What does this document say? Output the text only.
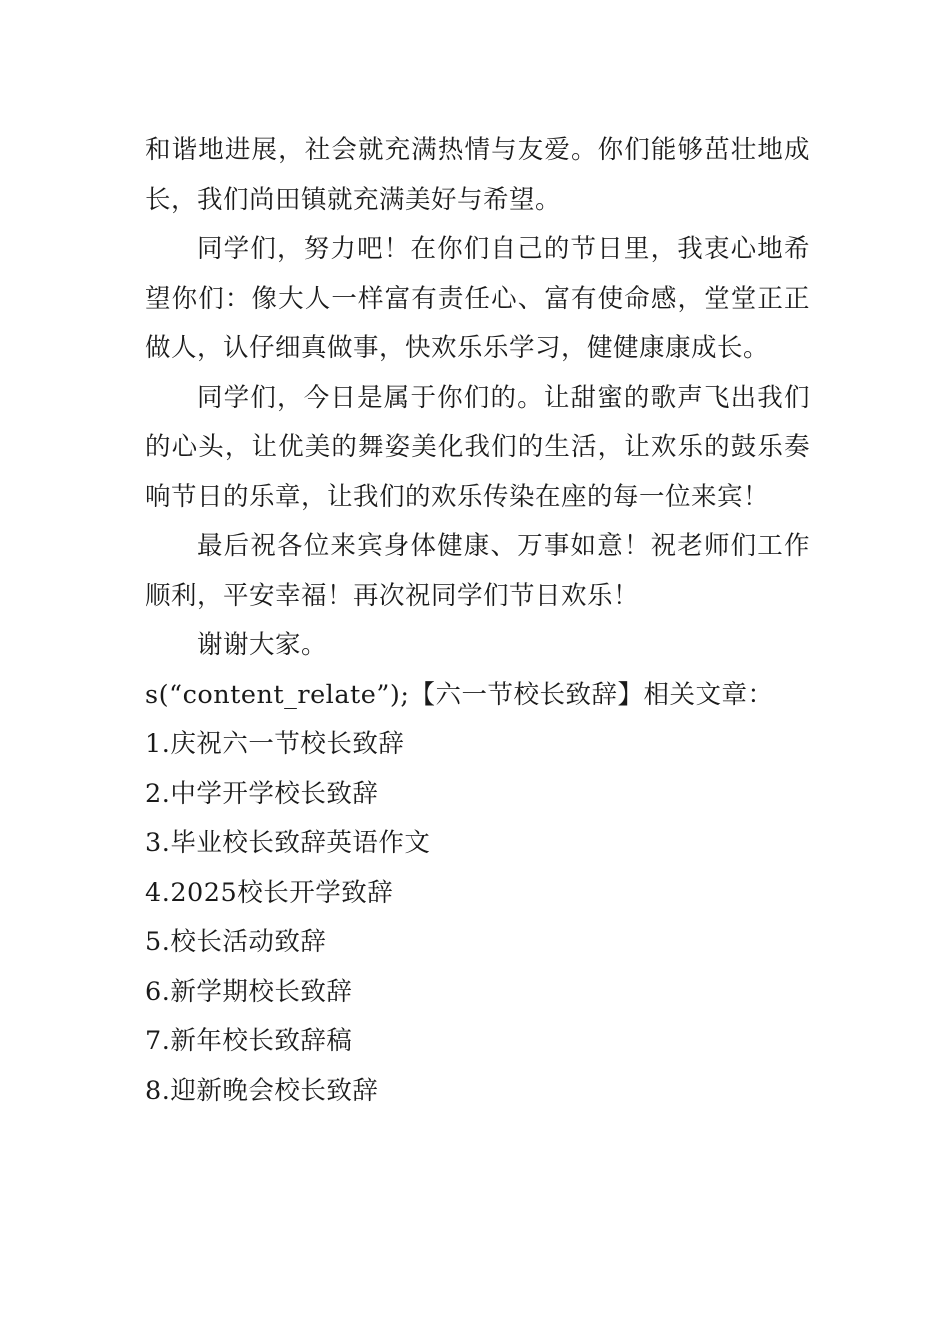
和谐地进展，社会就充满热情与友爱。你们能够茁壮地成长，我们尚田镇就充满美好与希望。

同学们，努力吧！在你们自己的节日里，我衷心地希望你们：像大人一样富有责任心、富有使命感，堂堂正正做人，认仔细真做事，快欢乐乐学习，健健康康成长。

同学们，今日是属于你们的。让甜蜜的歌声飞出我们的心头，让优美的舞姿美化我们的生活，让欢乐的鼓乐奏响节日的乐章，让我们的欢乐传染在座的每一位来宾！

最后祝各位来宾身体健康、万事如意！祝老师们工作顺利，平安幸福！再次祝同学们节日欢乐！

谢谢大家。

s(“content_relate”);【六一节校长致辞】相关文章：

1.庆祝六一节校长致辞
2.中学开学校长致辞
3.毕业校长致辞英语作文
4.2025校长开学致辞
5.校长活动致辞
6.新学期校长致辞
7.新年校长致辞稿
8.迎新晚会校长致辞
